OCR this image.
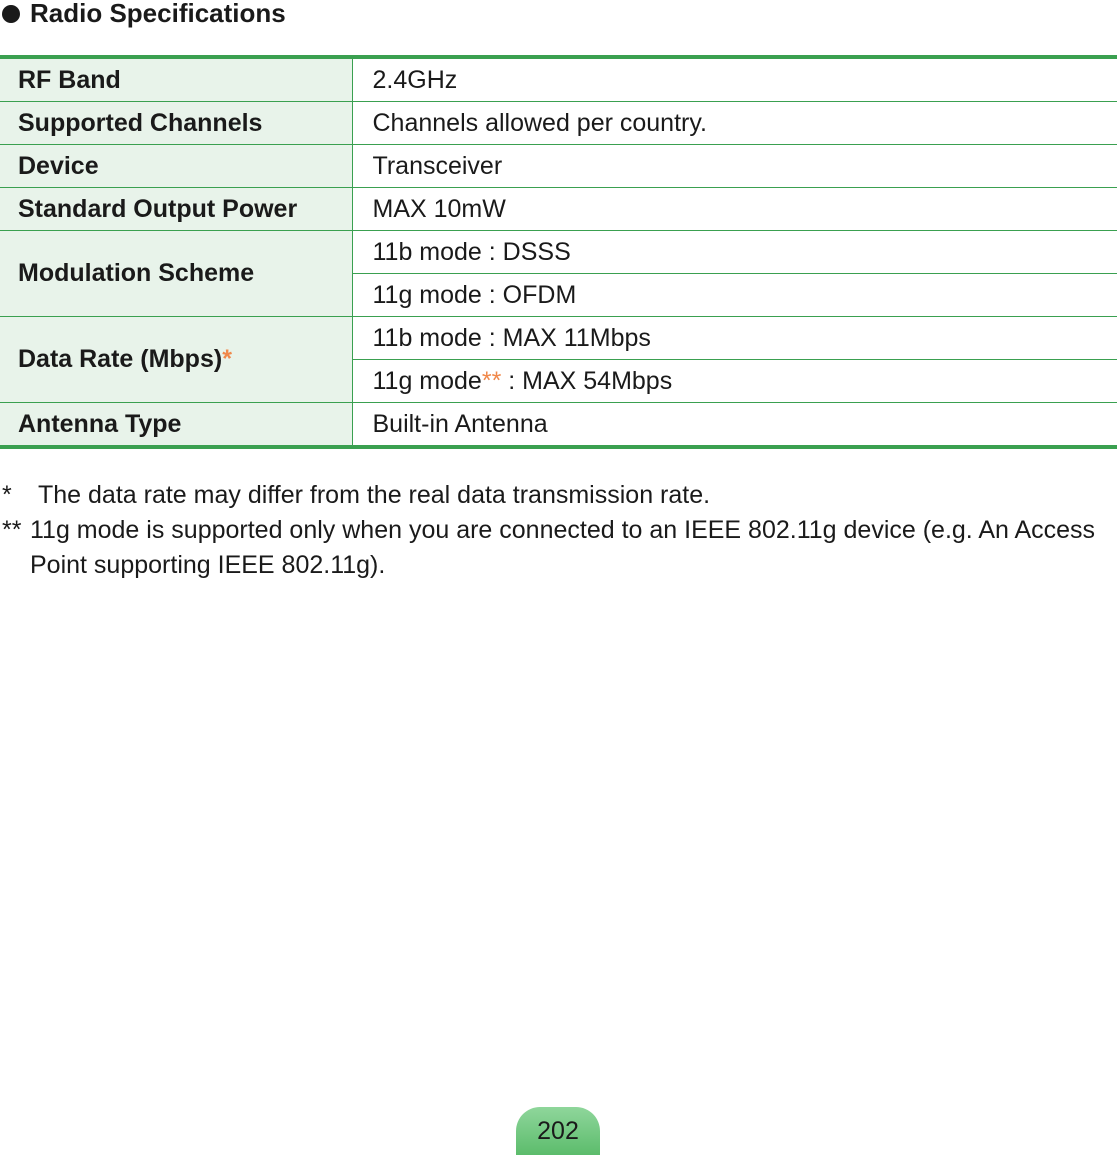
Radio Specifications
RF Band	2.4GHz
Supported Channels	Channels allowed per country.
Device	Transceiver
Standard Output Power	MAX 10mW
Modulation Scheme	11b mode : DSSS
	11g mode : OFDM
Data Rate (Mbps)*	11b mode : MAX 11Mbps
	11g mode** : MAX 54Mbps
Antenna Type	Built-in Antenna
*	The data rate may differ from the real data transmission rate.
** 11g mode is supported only when you are connected to an IEEE 802.11g device (e.g. An Access Point supporting IEEE 802.11g).
202
